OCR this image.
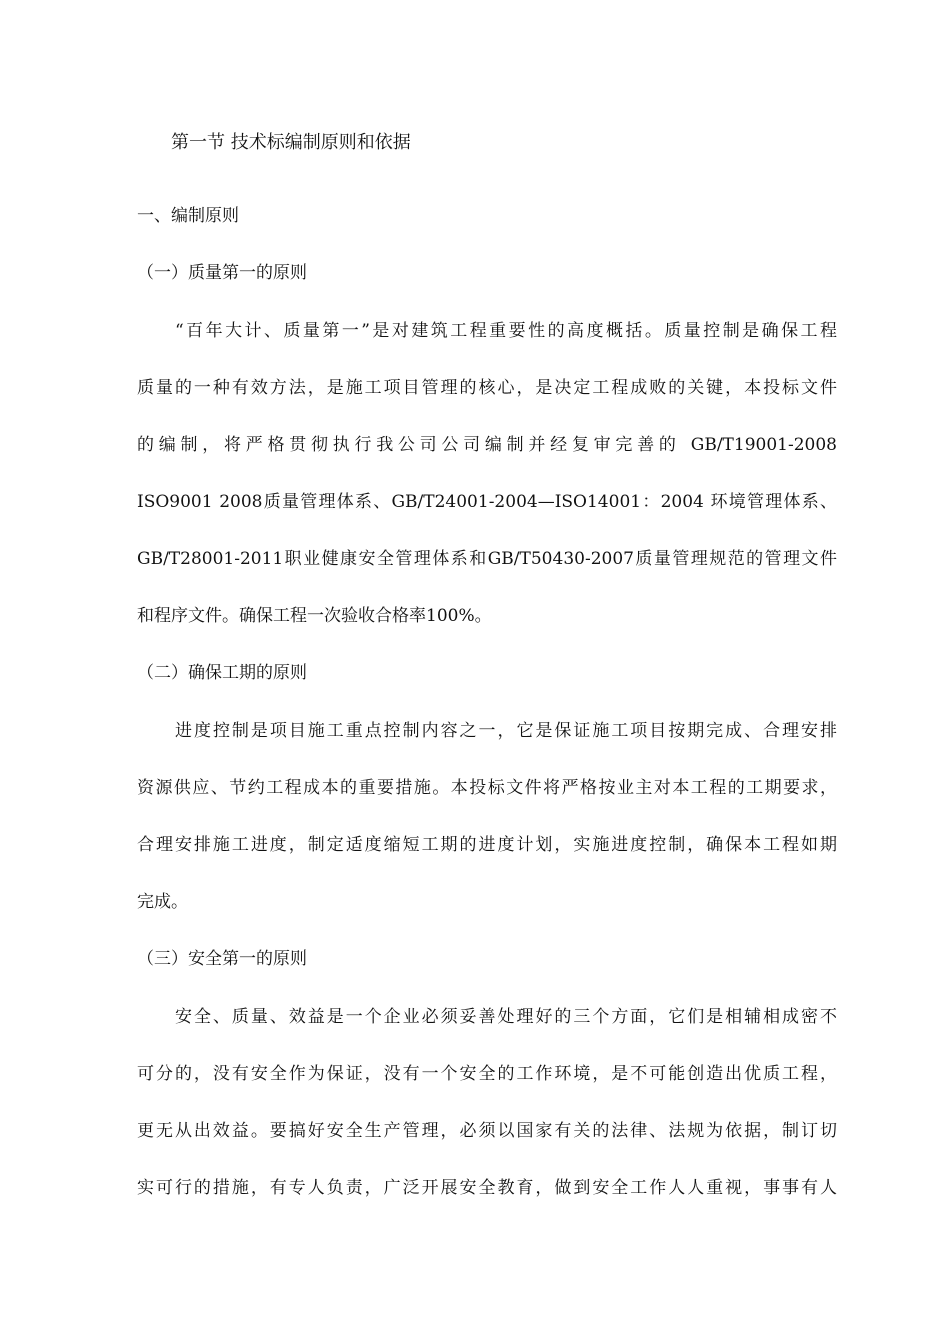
第一节 技术标编制原则和依据
一、编制原则
（一）质量第一的原则
“百年大计、质量第一”是对建筑工程重要性的高度概括。质量控制是确保工程
质量的一种有效方法，是施工项目管理的核心，是决定工程成败的关键，本投标文件
的编制，将严格贯彻执行我公司公司编制并经复审完善的 GB/T19001-2008
ISO9001 2008质量管理体系、GB/T24001-2004—ISO14001：2004 环境管理体系、
GB/T28001-2011职业健康安全管理体系和GB/T50430-2007质量管理规范的管理文件
和程序文件。确保工程一次验收合格率100%。
（二）确保工期的原则
进度控制是项目施工重点控制内容之一，它是保证施工项目按期完成、合理安排
资源供应、节约工程成本的重要措施。本投标文件将严格按业主对本工程的工期要求，
合理安排施工进度，制定适度缩短工期的进度计划，实施进度控制，确保本工程如期
完成。
（三）安全第一的原则
安全、质量、效益是一个企业必须妥善处理好的三个方面，它们是相辅相成密不
可分的，没有安全作为保证，没有一个安全的工作环境，是不可能创造出优质工程，
更无从出效益。要搞好安全生产管理，必须以国家有关的法律、法规为依据，制订切
实可行的措施，有专人负责，广泛开展安全教育，做到安全工作人人重视，事事有人
